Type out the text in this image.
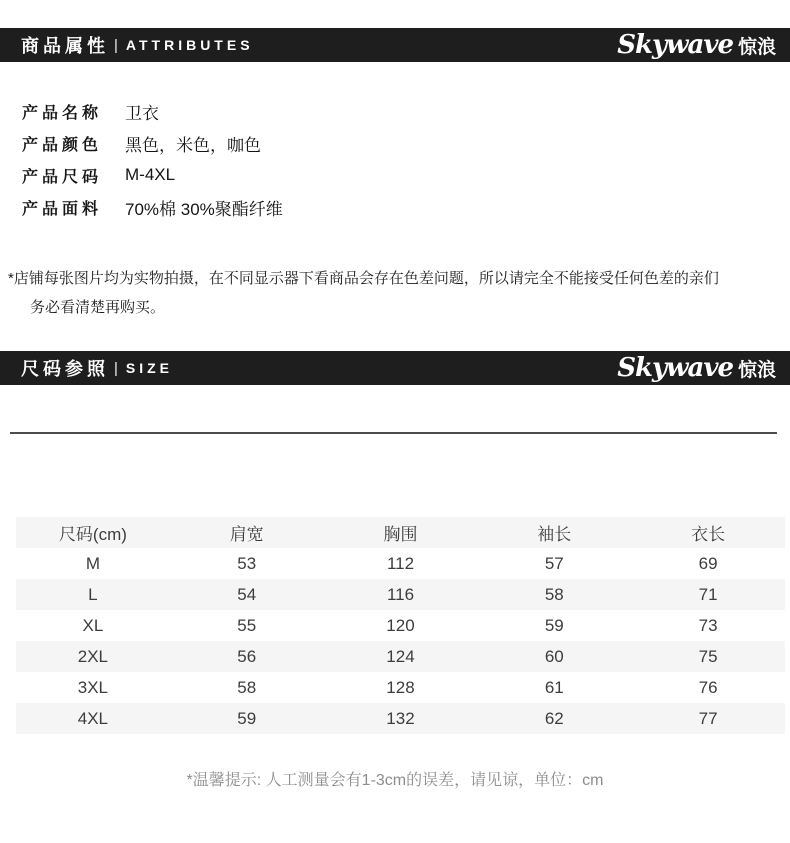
商品属性 | ATTRIBUTES	Skywave 惊浪
产品名称	卫衣
产品颜色	黑色，米色，咖色
产品尺码	M-4XL
产品面料	70%棉 30%聚酯纤维
*店铺每张图片均为实物拍摄，在不同显示器下看商品会存在色差问题，所以请完全不能接受任何色差的亲们
务必看清楚再购买。
尺码参照 | SIZE	Skywave 惊浪
尺码(cm)	肩宽	胸围	袖长	衣长
M	53	112	57	69
L	54	116	58	71
XL	55	120	59	73
2XL	56	124	60	75
3XL	58	128	61	76
4XL	59	132	62	77
*温馨提示: 人工测量会有1-3cm的误差，请见谅，单位：cm
